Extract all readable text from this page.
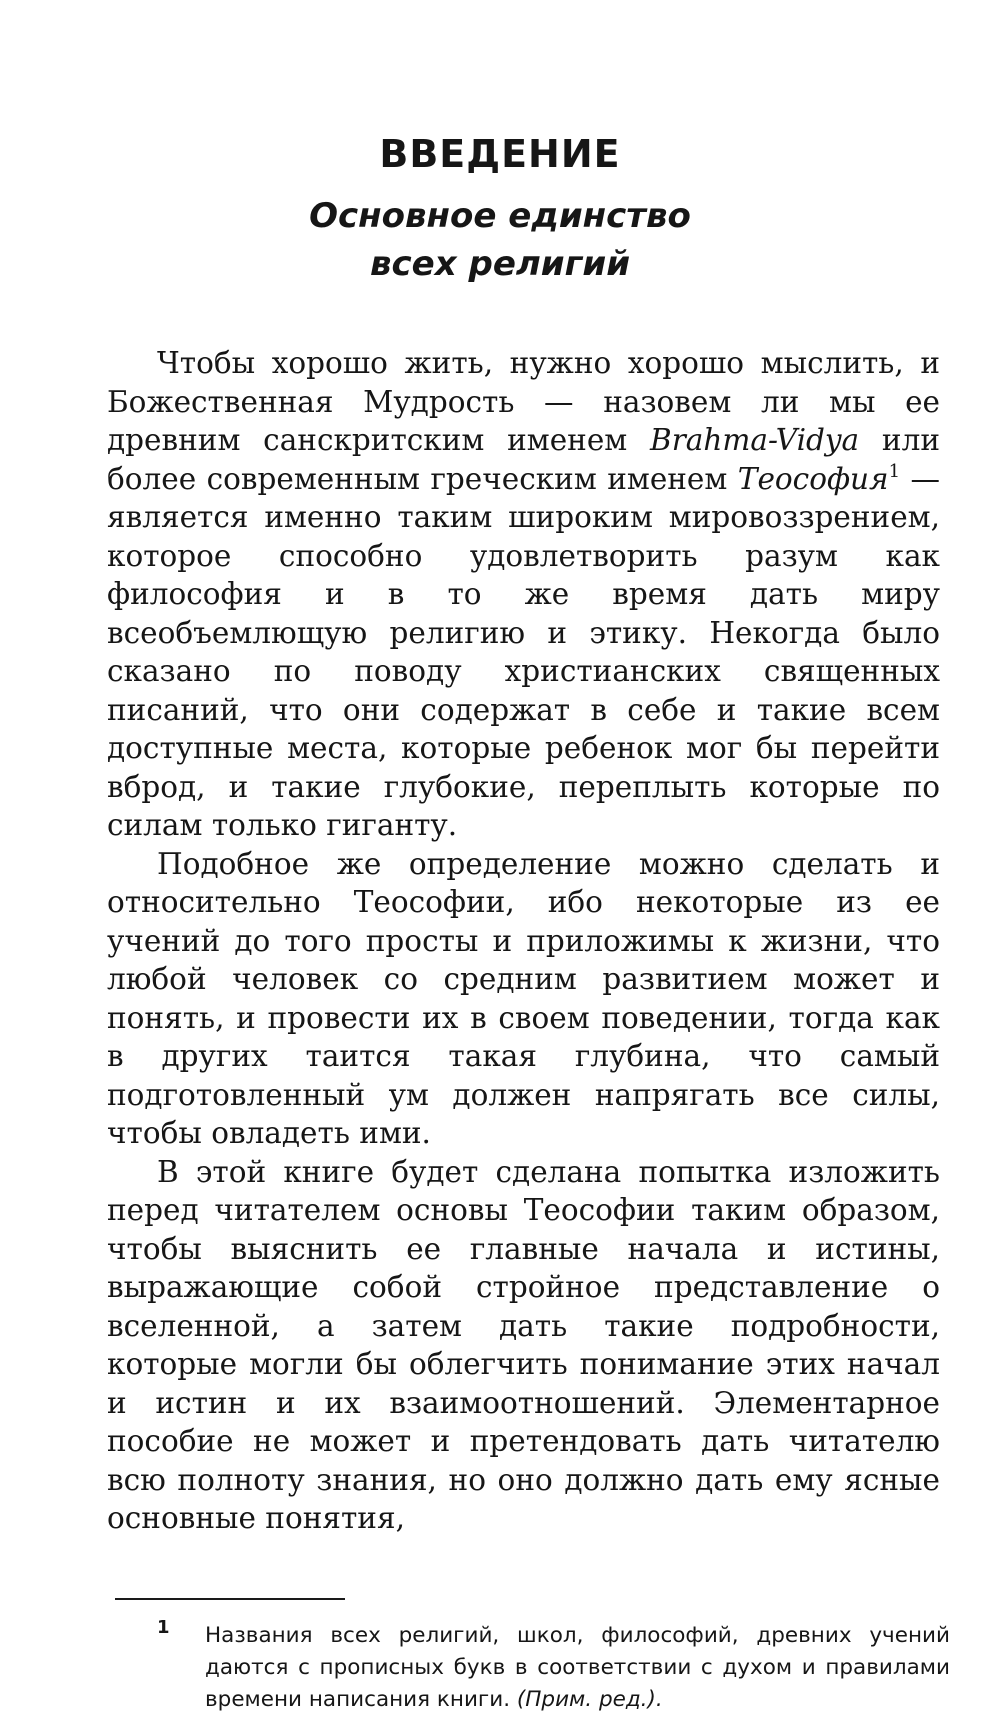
ВВЕДЕНИЕ
Основное единство
всех религий

Чтобы хорошо жить, нужно хорошо мыслить, и Божественная Мудрость — назовем ли мы ее древним санскритским именем Brahma-Vidya или более современным греческим именем Теософия$^1$ — является именно таким широким мировоззрением, которое способно удовлетворить разум как философия и в то же время дать миру всеобъемлющую религию и этику. Некогда было сказано по поводу христианских священных писаний, что они содержат в себе и такие всем доступные места, которые ребенок мог бы перейти вброд, и такие глубокие, переплыть которые по силам только гиганту.

Подобное же определение можно сделать и относительно Теософии, ибо некоторые из ее учений до того просты и приложимы к жизни, что любой человек со средним развитием может и понять, и провести их в своем поведении, тогда как в других таится такая глубина, что самый подготовленный ум должен напрягать все силы, чтобы овладеть ими.

В этой книге будет сделана попытка изложить перед читателем основы Теософии таким образом, чтобы выяснить ее главные начала и истины, выражающие собой стройное представление о вселенной, а затем дать такие подробности, которые могли бы облегчить понимание этих начал и истин и их взаимоотношений. Элементарное пособие не может и претендовать дать читателю всю полноту знания, но оно должно дать ему ясные основные понятия,

1 Названия всех религий, школ, философий, древних учений даются с прописных букв в соответствии с духом и правилами времени написания книги. (Прим. ред.).
